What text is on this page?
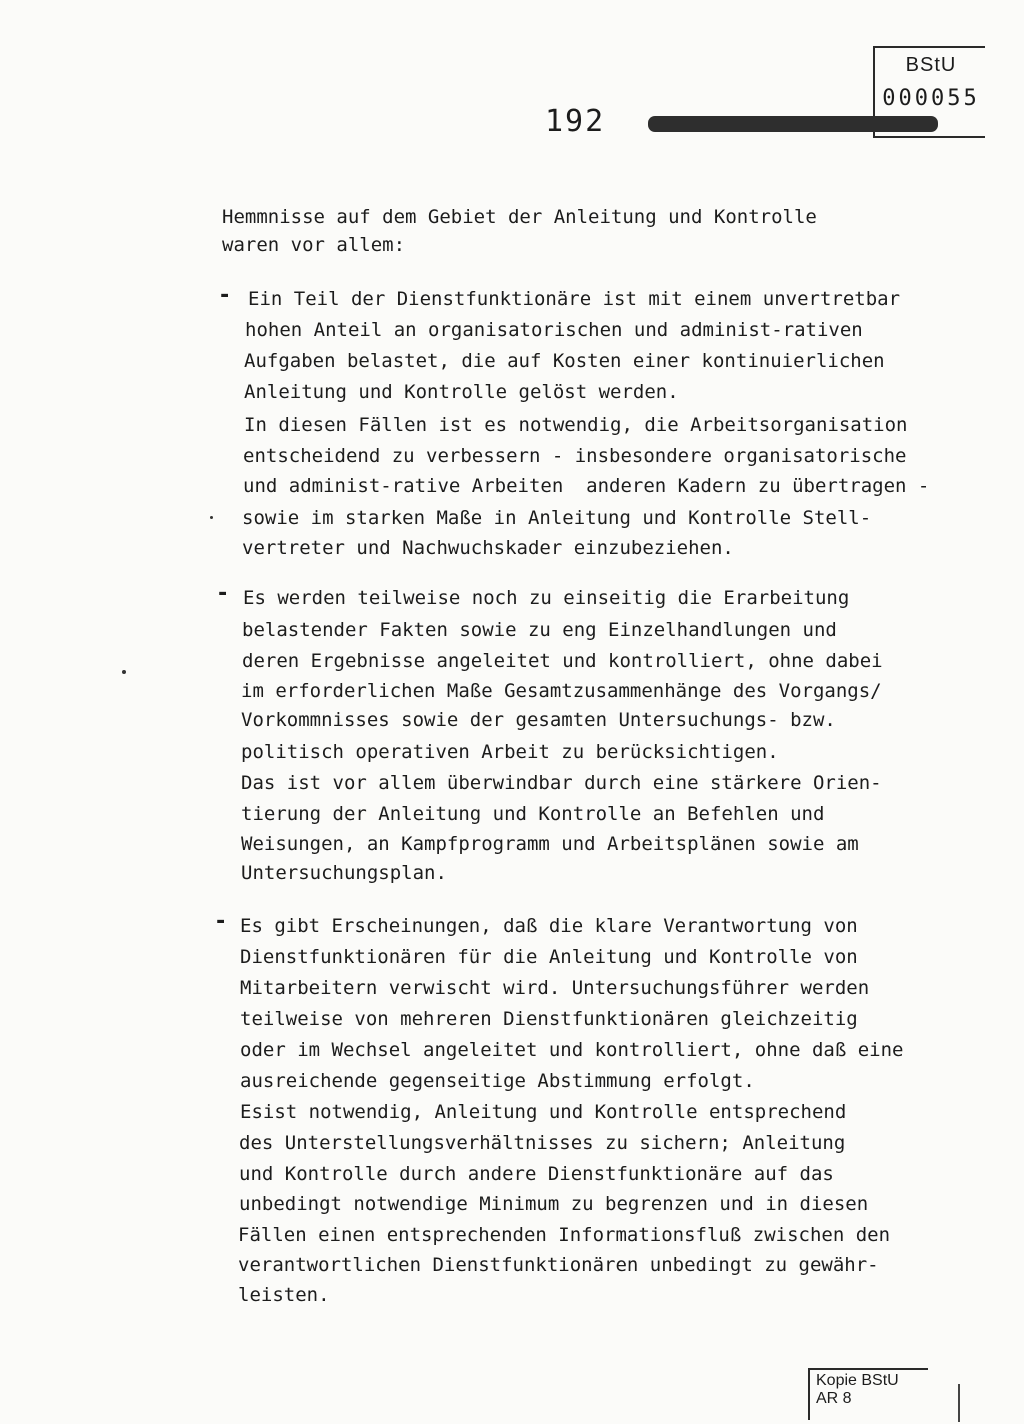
BStU
000055
192
Hemmnisse auf dem Gebiet der Anleitung und Kontrolle
waren vor allem:
- Ein Teil der Dienstfunktionäre ist mit einem unvertretbar
hohen Anteil an organisatorischen und administ-rativen
Aufgaben belastet, die auf Kosten einer kontinuierlichen
Anleitung und Kontrolle gelöst werden.
In diesen Fällen ist es notwendig, die Arbeitsorganisation
entscheidend zu verbessern - insbesondere organisatorische
und administ-rative Arbeiten  anderen Kadern zu übertragen -
sowie im starken Maße in Anleitung und Kontrolle Stell-
vertreter und Nachwuchskader einzubeziehen.
- Es werden teilweise noch zu einseitig die Erarbeitung
belastender Fakten sowie zu eng Einzelhandlungen und
deren Ergebnisse angeleitet und kontrolliert, ohne dabei
im erforderlichen Maße Gesamtzusammenhänge des Vorgangs/
Vorkommnisses sowie der gesamten Untersuchungs- bzw.
politisch operativen Arbeit zu berücksichtigen.
Das ist vor allem überwindbar durch eine stärkere Orien-
tierung der Anleitung und Kontrolle an Befehlen und
Weisungen, an Kampfprogramm und Arbeitsplänen sowie am
Untersuchungsplan.
- Es gibt Erscheinungen, daß die klare Verantwortung von
Dienstfunktionären für die Anleitung und Kontrolle von
Mitarbeitern verwischt wird. Untersuchungsführer werden
teilweise von mehreren Dienstfunktionären gleichzeitig
oder im Wechsel angeleitet und kontrolliert, ohne daß eine
ausreichende gegenseitige Abstimmung erfolgt.
Esist notwendig, Anleitung und Kontrolle entsprechend
des Unterstellungsverhältnisses zu sichern; Anleitung
und Kontrolle durch andere Dienstfunktionäre auf das
unbedingt notwendige Minimum zu begrenzen und in diesen
Fällen einen entsprechenden Informationsfluß zwischen den
verantwortlichen Dienstfunktionären unbedingt zu gewähr-
leisten.
Kopie BStU
AR 8
